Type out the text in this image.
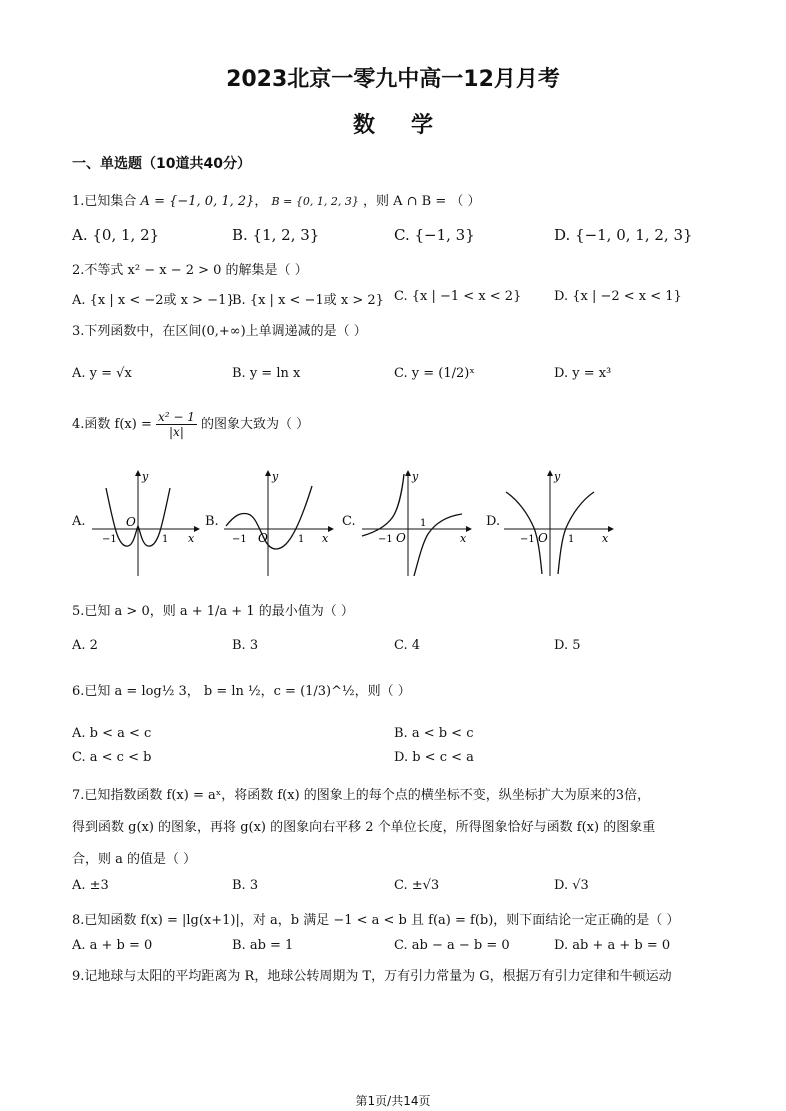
2023北京一零九中高一12月月考
数学
一、单选题（10道共40分）
1.已知集合 A = {−1, 0, 1, 2}， B = {0, 1, 2, 3} ，则 A ∩ B = （ ）
A. {0, 1, 2}	B. {1, 2, 3}	C. {−1, 3}	D. {−1, 0, 1, 2, 3}
2.不等式 x² − x − 2 > 0 的解集是（ ）
A. {x | x < −2或 x > −1}
B. {x | x < −1或 x > 2} C. {x | −1 < x < 2}	D. {x | −2 < x < 1}
3.下列函数中，在区间(0,+∞)上单调递减的是（ ）
A. y = √x	B. y = ln x	C. y = (1/2)ˣ	D. y = x³
4.函数 $f(x) = \frac{\text{x² − 1}}{|x|}$ 的图象大致为（ ）
A.	B.	C.	D.
y
x
O
−1	1
y
x
O
−1	1
y
x
O
−1
1
y
x
O
−1	1
5.已知 a > 0，则 a + 1/a + 1 的最小值为（ ）
A. 2	B. 3	C. 4	D. 5
6.已知 a = log½ 3， b = ln ½，c = (1/3)^½，则（ ）
A. b < a < c	B. a < b < c
C. a < c < b	D. b < c < a
7.已知指数函数 f(x) = aˣ，将函数 f(x) 的图象上的每个点的横坐标不变，纵坐标扩大为原来的3倍，
得到函数 g(x) 的图象，再将 g(x) 的图象向右平移 2 个单位长度，所得图象恰好与函数 f(x) 的图象重
合，则 a 的值是（ ）
A. ±3	B. 3	C. ±√3	D. √3
8.已知函数 f(x) = |lg(x+1)|，对 a，b 满足 −1 < a < b 且 f(a) = f(b)，则下面结论一定正确的是（ ）
A. a + b = 0	B. ab = 1	C. ab − a − b = 0	D. ab + a + b = 0
9.记地球与太阳的平均距离为 R，地球公转周期为 T，万有引力常量为 G，根据万有引力定律和牛顿运动
第1页/共14页
